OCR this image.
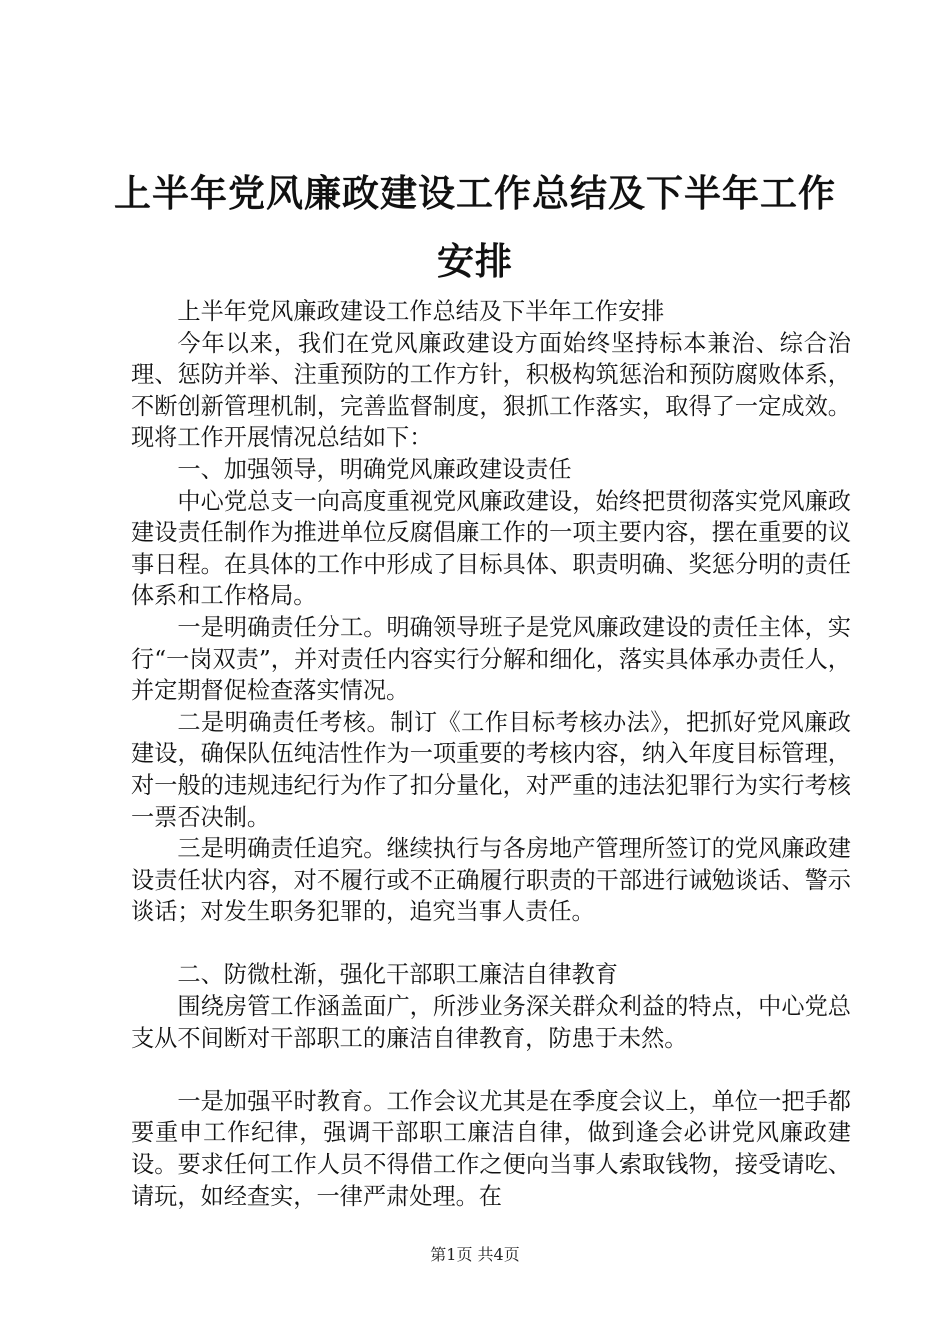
上半年党风廉政建设工作总结及下半年工作安排

上半年党风廉政建设工作总结及下半年工作安排

今年以来，我们在党风廉政建设方面始终坚持标本兼治、综合治理、惩防并举、注重预防的工作方针，积极构筑惩治和预防腐败体系，不断创新管理机制，完善监督制度，狠抓工作落实，取得了一定成效。现将工作开展情况总结如下：

一、加强领导，明确党风廉政建设责任

中心党总支一向高度重视党风廉政建设，始终把贯彻落实党风廉政建设责任制作为推进单位反腐倡廉工作的一项主要内容，摆在重要的议事日程。在具体的工作中形成了目标具体、职责明确、奖惩分明的责任体系和工作格局。

一是明确责任分工。明确领导班子是党风廉政建设的责任主体，实行“一岗双责”，并对责任内容实行分解和细化，落实具体承办责任人，并定期督促检查落实情况。

二是明确责任考核。制订《工作目标考核办法》，把抓好党风廉政建设，确保队伍纯洁性作为一项重要的考核内容，纳入年度目标管理，对一般的违规违纪行为作了扣分量化，对严重的违法犯罪行为实行考核一票否决制。

三是明确责任追究。继续执行与各房地产管理所签订的党风廉政建设责任状内容，对不履行或不正确履行职责的干部进行诫勉谈话、警示谈话；对发生职务犯罪的，追究当事人责任。

二、防微杜渐，强化干部职工廉洁自律教育

围绕房管工作涵盖面广，所涉业务深关群众利益的特点，中心党总支从不间断对干部职工的廉洁自律教育，防患于未然。

一是加强平时教育。工作会议尤其是在季度会议上，单位一把手都要重申工作纪律，强调干部职工廉洁自律，做到逢会必讲党风廉政建设。要求任何工作人员不得借工作之便向当事人索取钱物，接受请吃、请玩，如经查实，一律严肃处理。在

第1页 共4页
